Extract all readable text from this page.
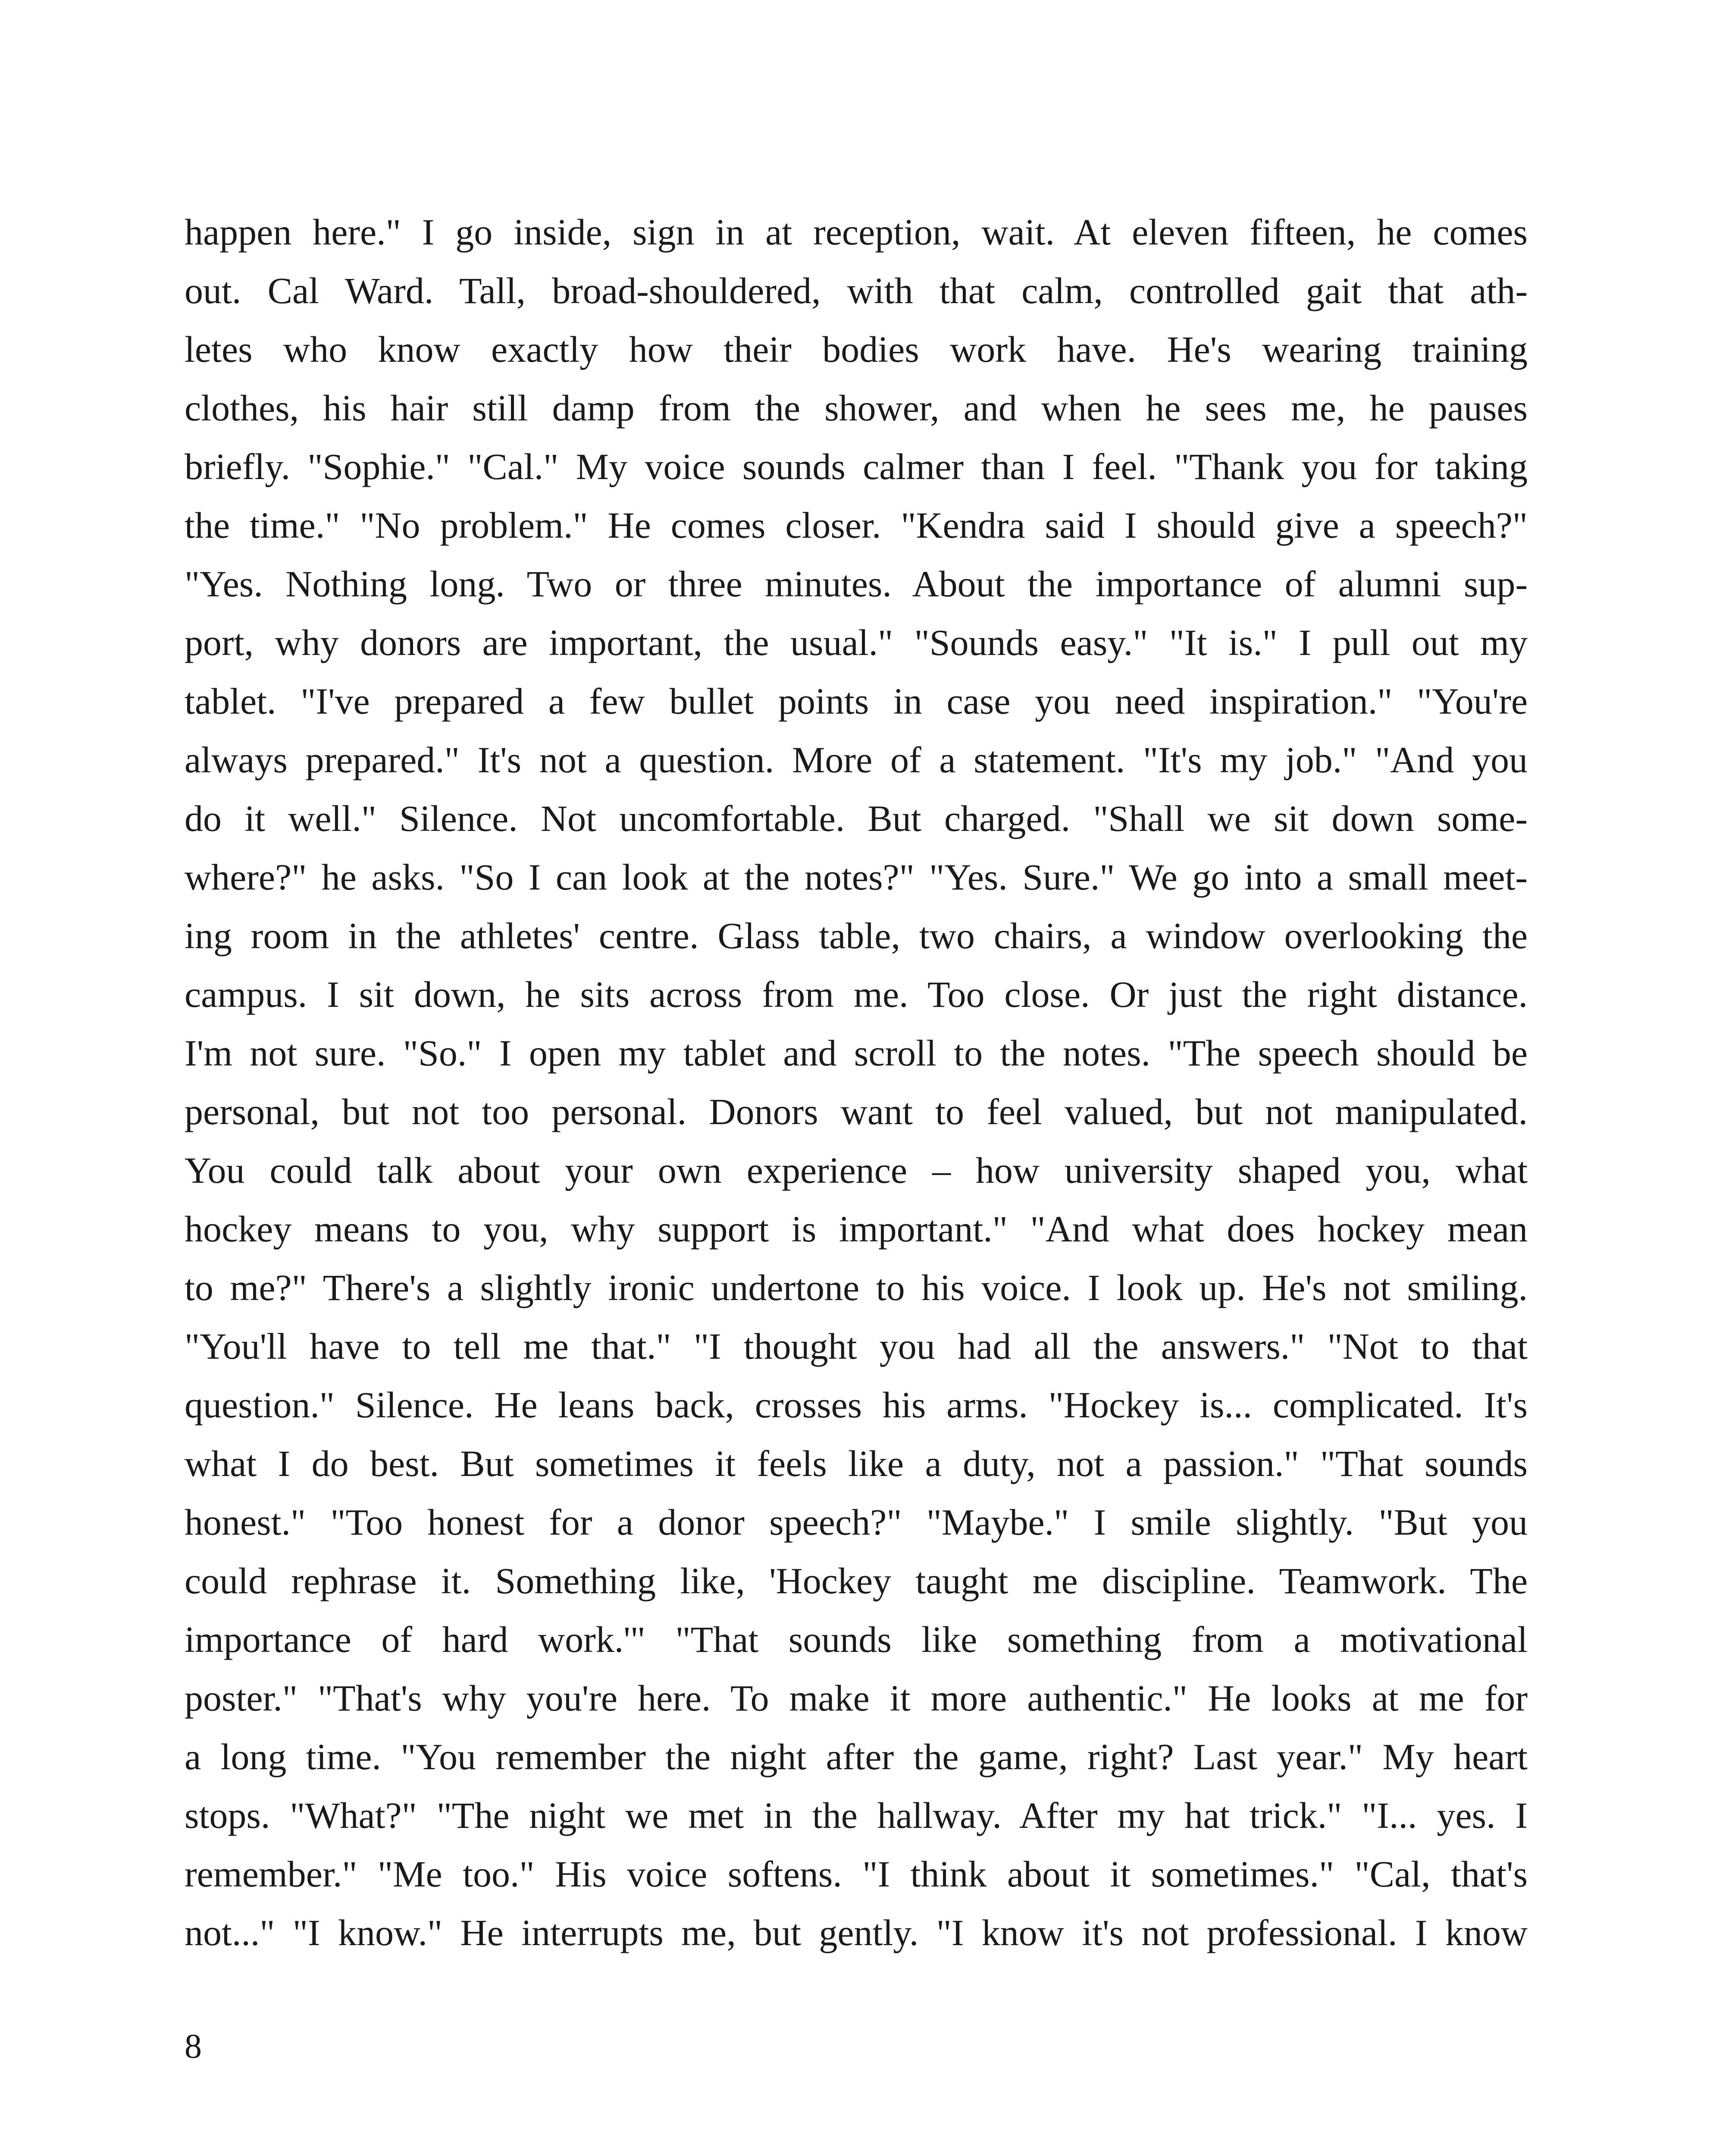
happen here." I go inside, sign in at reception, wait. At eleven fifteen, he comes
out. Cal Ward. Tall, broad-shouldered, with that calm, controlled gait that ath-
letes who know exactly how their bodies work have. He's wearing training
clothes, his hair still damp from the shower, and when he sees me, he pauses
briefly. "Sophie." "Cal." My voice sounds calmer than I feel. "Thank you for taking
the time." "No problem." He comes closer. "Kendra said I should give a speech?"
"Yes. Nothing long. Two or three minutes. About the importance of alumni sup-
port, why donors are important, the usual." "Sounds easy." "It is." I pull out my
tablet. "I've prepared a few bullet points in case you need inspiration." "You're
always prepared." It's not a question. More of a statement. "It's my job." "And you
do it well." Silence. Not uncomfortable. But charged. "Shall we sit down some-
where?" he asks. "So I can look at the notes?" "Yes. Sure." We go into a small meet-
ing room in the athletes' centre. Glass table, two chairs, a window overlooking the
campus. I sit down, he sits across from me. Too close. Or just the right distance.
I'm not sure. "So." I open my tablet and scroll to the notes. "The speech should be
personal, but not too personal. Donors want to feel valued, but not manipulated.
You could talk about your own experience – how university shaped you, what
hockey means to you, why support is important." "And what does hockey mean
to me?" There's a slightly ironic undertone to his voice. I look up. He's not smiling.
"You'll have to tell me that." "I thought you had all the answers." "Not to that
question." Silence. He leans back, crosses his arms. "Hockey is... complicated. It's
what I do best. But sometimes it feels like a duty, not a passion." "That sounds
honest." "Too honest for a donor speech?" "Maybe." I smile slightly. "But you
could rephrase it. Something like, 'Hockey taught me discipline. Teamwork. The
importance of hard work.'" "That sounds like something from a motivational
poster." "That's why you're here. To make it more authentic." He looks at me for
a long time. "You remember the night after the game, right? Last year." My heart
stops. "What?" "The night we met in the hallway. After my hat trick." "I... yes. I
remember." "Me too." His voice softens. "I think about it sometimes." "Cal, that's
not..." "I know." He interrupts me, but gently. "I know it's not professional. I know
8
